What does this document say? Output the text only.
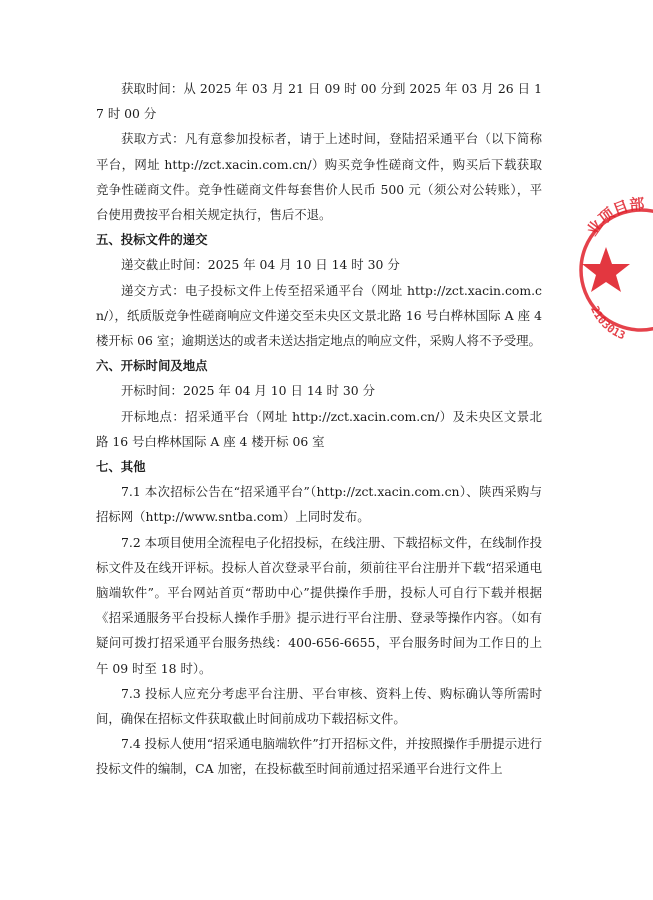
获取时间：从 2025 年 03 月 21 日 09 时 00 分到 2025 年 03 月 26 日 17 时 00 分

获取方式：凡有意参加投标者，请于上述时间，登陆招采通平台（以下简称平台，网址 http://zct.xacin.com.cn/）购买竞争性磋商文件，购买后下载获取竞争性磋商文件。竞争性磋商文件每套售价人民币 500 元（须公对公转账），平台使用费按平台相关规定执行，售后不退。

五、投标文件的递交

递交截止时间：2025 年 04 月 10 日 14 时 30 分

递交方式：电子投标文件上传至招采通平台（网址 http://zct.xacin.com.cn/），纸质版竞争性磋商响应文件递交至未央区文景北路 16 号白桦林国际 A 座 4 楼开标 06 室；逾期送达的或者未送达指定地点的响应文件，采购人将不予受理。

六、开标时间及地点

开标时间：2025 年 04 月 10 日 14 时 30 分

开标地点：招采通平台（网址 http://zct.xacin.com.cn/）及未央区文景北路 16 号白桦林国际 A 座 4 楼开标 06 室

七、其他

7.1 本次招标公告在“招采通平台”（http://zct.xacin.com.cn）、陕西采购与招标网（http://www.sntba.com）上同时发布。

7.2 本项目使用全流程电子化招投标，在线注册、下载招标文件，在线制作投标文件及在线开评标。投标人首次登录平台前，须前往平台注册并下载“招采通电脑端软件”。平台网站首页“帮助中心”提供操作手册，投标人可自行下载并根据《招采通服务平台投标人操作手册》提示进行平台注册、登录等操作内容。（如有疑问可拨打招采通平台服务热线：400-656-6655，平台服务时间为工作日的上午 09 时至 18 时）。

7.3 投标人应充分考虑平台注册、平台审核、资料上传、购标确认等所需时间，确保在招标文件获取截止时间前成功下载招标文件。

7.4 投标人使用“招采通电脑端软件”打开招标文件，并按照操作手册提示进行投标文件的编制，CA 加密，在投标截至时间前通过招采通平台进行文件上

业项目部
2103013
